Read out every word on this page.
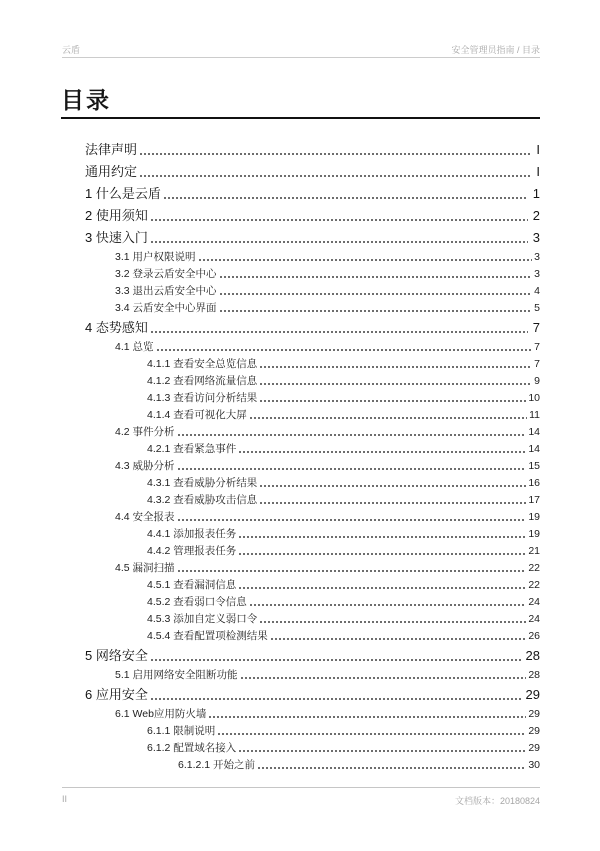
云盾	安全管理员指南 / 目录
目录
法律声明	I
通用约定	I
1 什么是云盾	1
2 使用须知	2
3 快速入门	3
3.1 用户权限说明	3
3.2 登录云盾安全中心	3
3.3 退出云盾安全中心	4
3.4 云盾安全中心界面	5
4 态势感知	7
4.1 总览	7
4.1.1 查看安全总览信息	7
4.1.2 查看网络流量信息	9
4.1.3 查看访问分析结果	10
4.1.4 查看可视化大屏	11
4.2 事件分析	14
4.2.1 查看紧急事件	14
4.3 威胁分析	15
4.3.1 查看威胁分析结果	16
4.3.2 查看威胁攻击信息	17
4.4 安全报表	19
4.4.1 添加报表任务	19
4.4.2 管理报表任务	21
4.5 漏洞扫描	22
4.5.1 查看漏洞信息	22
4.5.2 查看弱口令信息	24
4.5.3 添加自定义弱口令	24
4.5.4 查看配置项检测结果	26
5 网络安全	28
5.1 启用网络安全阻断功能	28
6 应用安全	29
6.1 Web应用防火墙	29
6.1.1 限制说明	29
6.1.2 配置域名接入	29
6.1.2.1 开始之前	30
II	文档版本：20180824
